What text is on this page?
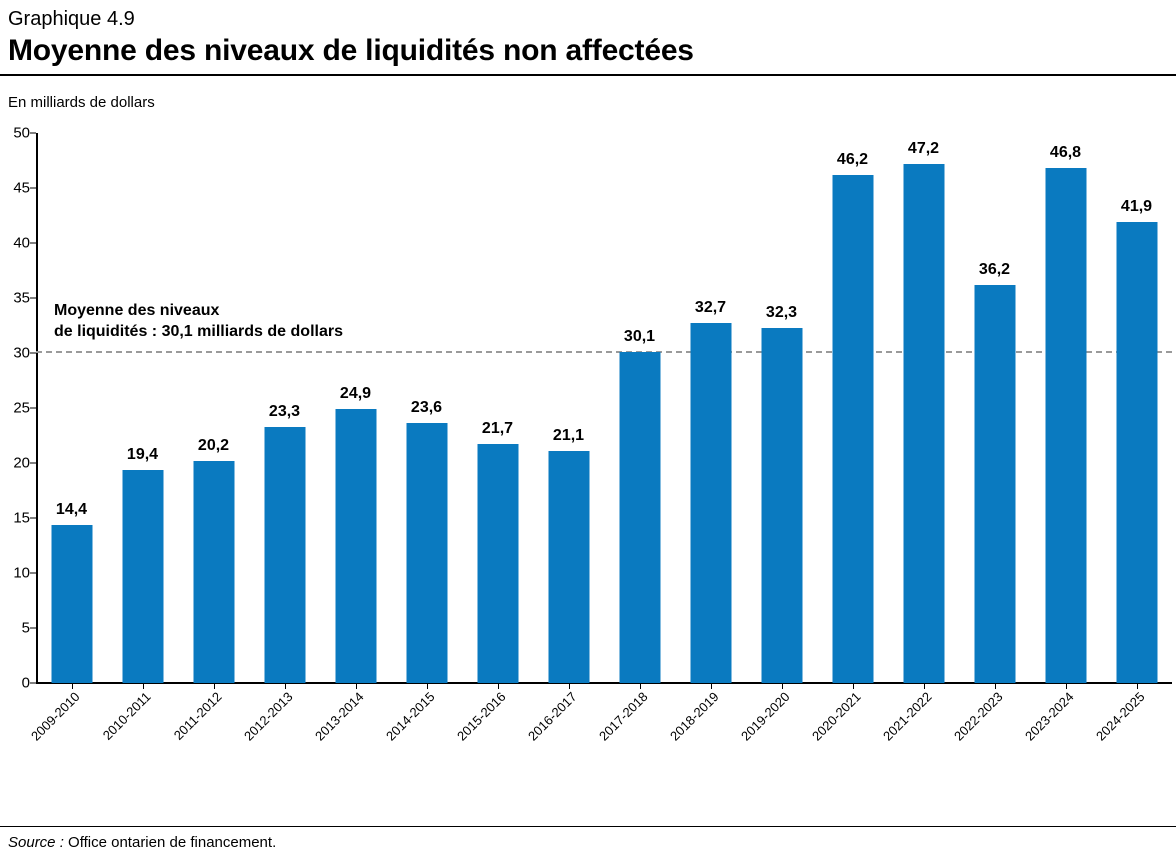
Graphique 4.9
Moyenne des niveaux de liquidités non affectées
En milliards de dollars
0
5
10
15
20
25
30
35
40
45
50
Moyenne des niveaux
de liquidités : 30,1 milliards de dollars
14,4
19,4
20,2
23,3
24,9
23,6
21,7 21,1
30,1
32,7 32,3
46,2
47,2
36,2
46,8
41,9
2009-2010	2010-2011	2011-2012	2012-2013	2013-2014	2014-2015	2015-2016	2016-2017	2017-2018	2018-2019	2019-2020	2020-2021	2021-2022	2022-2023	2023-2024	2024-2025
Source : Office ontarien de financement.
